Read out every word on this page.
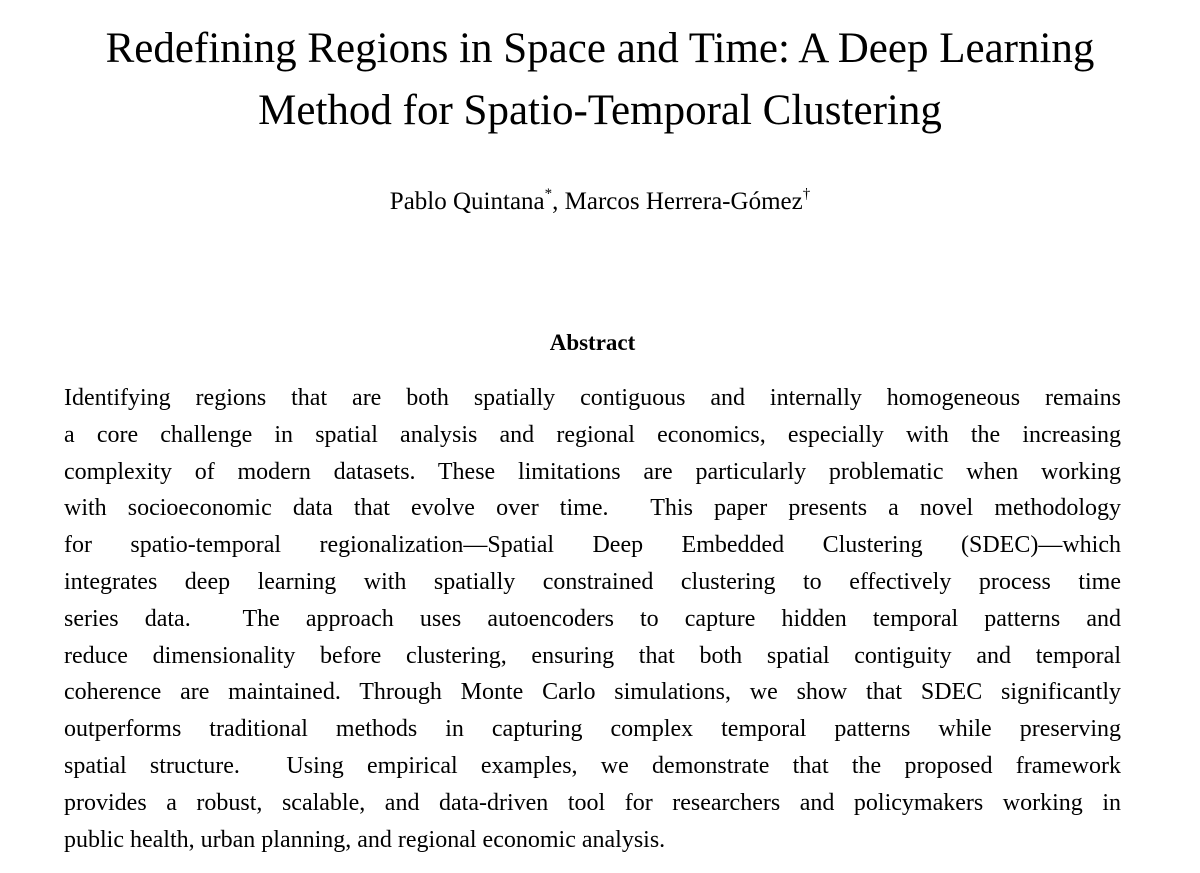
Redefining Regions in Space and Time: A Deep Learning
Method for Spatio-Temporal Clustering
Pablo Quintana*, Marcos Herrera-Gómez†
Abstract
Identifying regions that are both spatially contiguous and internally homogeneous remains
a core challenge in spatial analysis and regional economics, especially with the increasing
complexity of modern datasets. These limitations are particularly problematic when working
with socioeconomic data that evolve over time.  This paper presents a novel methodology
for spatio-temporal regionalization—Spatial Deep Embedded Clustering (SDEC)—which
integrates deep learning with spatially constrained clustering to effectively process time
series data.  The approach uses autoencoders to capture hidden temporal patterns and
reduce dimensionality before clustering, ensuring that both spatial contiguity and temporal
coherence are maintained. Through Monte Carlo simulations, we show that SDEC significantly
outperforms traditional methods in capturing complex temporal patterns while preserving
spatial structure.  Using empirical examples, we demonstrate that the proposed framework
provides a robust, scalable, and data-driven tool for researchers and policymakers working in
public health, urban planning, and regional economic analysis.
